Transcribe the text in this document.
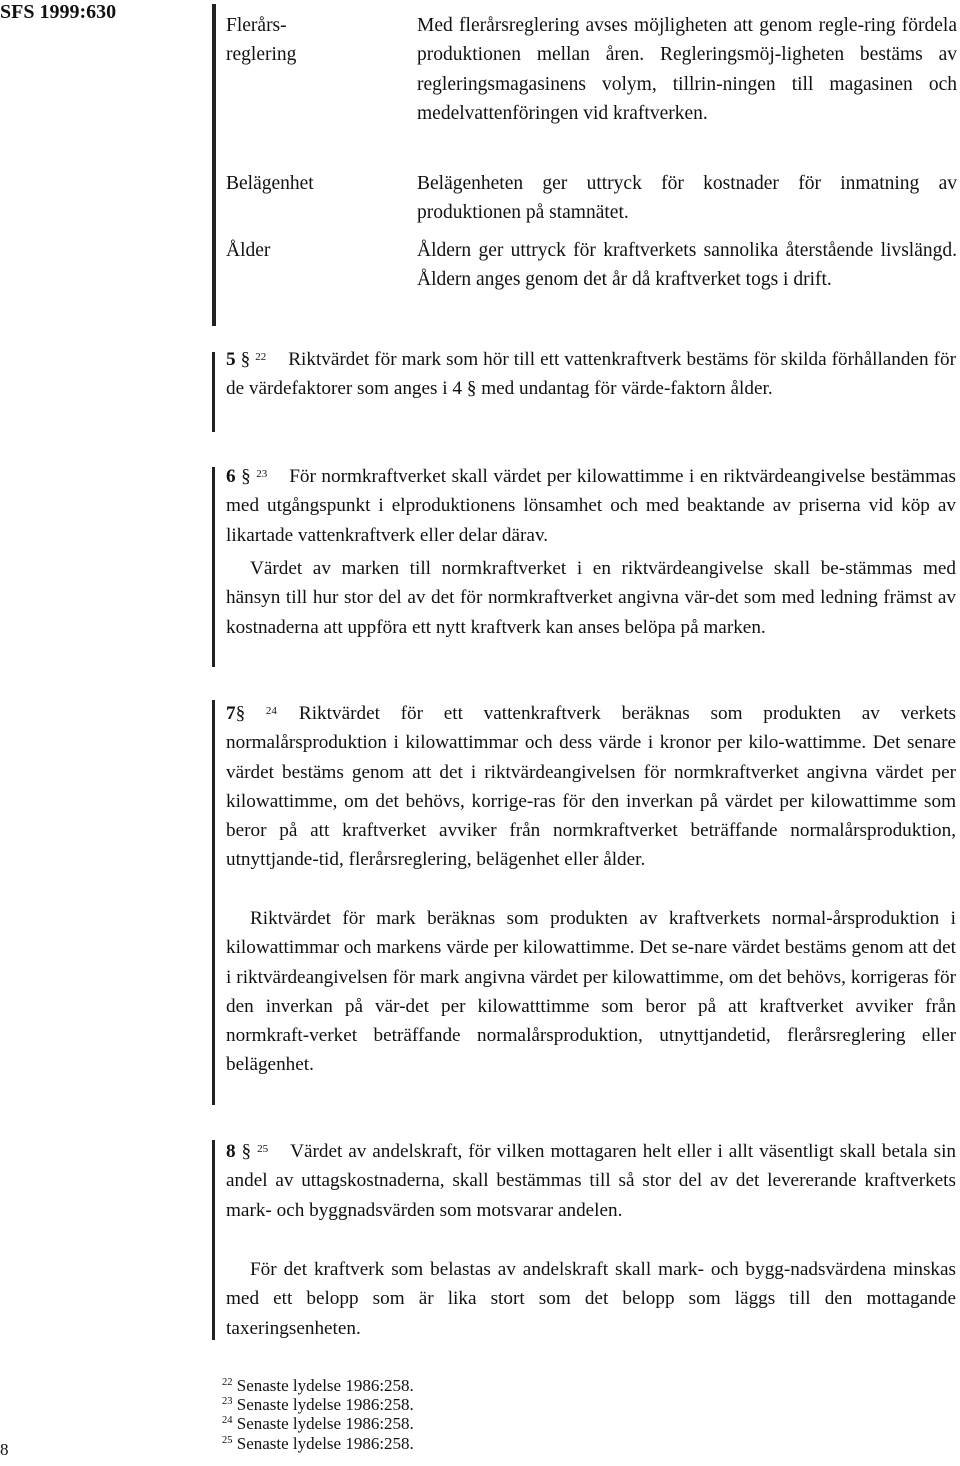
SFS 1999:630
8
Flerårs-
reglering
Med flerårsreglering avses möjligheten att genom regle-ring fördela produktionen mellan åren. Regleringsmöj-ligheten bestäms av regleringsmagasinens volym, tillrin-ningen till magasinen och medelvattenföringen vid kraftverken.
Belägenhet	Belägenheten ger uttryck för kostnader för inmatning av produktionen på stamnätet.
Ålder	Åldern ger uttryck för kraftverkets sannolika återstående livslängd. Åldern anges genom det år då kraftverket togs i drift.

5 § $^{22}$ Riktvärdet för mark som hör till ett vattenkraftverk bestäms för skilda förhållanden för de värdefaktorer som anges i 4 § med undantag för värde-faktorn ålder.

6 § $^{23}$ För normkraftverket skall värdet per kilowattimme i en riktvärdeangivelse bestämmas med utgångspunkt i elproduktionens lönsamhet och med beaktande av priserna vid köp av likartade vattenkraftverk eller delar därav.

Värdet av marken till normkraftverket i en riktvärdeangivelse skall be-stämmas med hänsyn till hur stor del av det för normkraftverket angivna vär-det som med ledning främst av kostnaderna att uppföra ett nytt kraftverk kan anses belöpa på marken.

7§ $^{24}$ Riktvärdet för ett vattenkraftverk beräknas som produkten av verkets normalårsproduktion i kilowattimmar och dess värde i kronor per kilo-wattimme. Det senare värdet bestäms genom att det i riktvärdeangivelsen för normkraftverket angivna värdet per kilowattimme, om det behövs, korrige-ras för den inverkan på värdet per kilowattimme som beror på att kraftverket avviker från normkraftverket beträffande normalårsproduktion, utnyttjande-tid, flerårsreglering, belägenhet eller ålder.

Riktvärdet för mark beräknas som produkten av kraftverkets normal-årsproduktion i kilowattimmar och markens värde per kilowattimme. Det se-nare värdet bestäms genom att det i riktvärdeangivelsen för mark angivna värdet per kilowattimme, om det behövs, korrigeras för den inverkan på vär-det per kilowatttimme som beror på att kraftverket avviker från normkraft-verket beträffande normalårsproduktion, utnyttjandetid, flerårsreglering eller belägenhet.

8 § $^{25}$ Värdet av andelskraft, för vilken mottagaren helt eller i allt väsentligt skall betala sin andel av uttagskostnaderna, skall bestämmas till så stor del av det levererande kraftverkets mark- och byggnadsvärden som motsvarar andelen.

För det kraftverk som belastas av andelskraft skall mark- och bygg-nadsvärdena minskas med ett belopp som är lika stort som det belopp som läggs till den mottagande taxeringsenheten.

$^{22}$ Senaste lydelse 1986:258.
$^{23}$ Senaste lydelse 1986:258.
$^{24}$ Senaste lydelse 1986:258.
$^{25}$ Senaste lydelse 1986:258.
